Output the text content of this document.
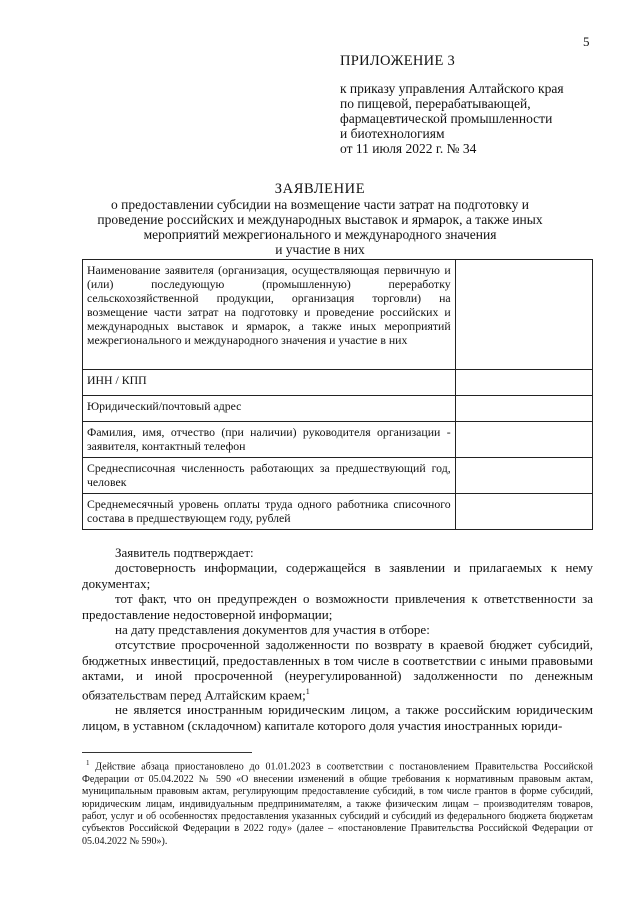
5
ПРИЛОЖЕНИЕ 3
к приказу управления Алтайского края
по пищевой, перерабатывающей,
фармацевтической промышленности
и биотехнологиям
от 11 июля 2022 г. № 34
ЗАЯВЛЕНИЕ
о предоставлении субсидии на возмещение части затрат на подготовку и
проведение российских и международных выставок и ярмарок, а также иных
мероприятий межрегионального и международного значения
и участие в них
Наименование заявителя (организация, осуществляющая первичную и (или) последующую (промышленную) переработку сельскохозяйственной продукции, организация торговли) на возмещение части затрат на подготовку и проведение российских и международных выставок и ярмарок, а также иных мероприятий межрегионального и международного значения и участие в них	
ИНН / КПП	
Юридический/почтовый адрес	
Фамилия, имя, отчество (при наличии) руководителя организации - заявителя, контактный телефон	
Среднесписочная численность работающих за предшествующий год, человек	
Среднемесячный уровень оплаты труда одного работника списочного состава в предшествующем году, рублей	

Заявитель подтверждает:

достоверность информации, содержащейся в заявлении и прилагаемых к нему документах;

тот факт, что он предупрежден о возможности привлечения к ответственности за предоставление недостоверной информации;

на дату представления документов для участия в отборе:

отсутствие просроченной задолженности по возврату в краевой бюджет субсидий, бюджетных инвестиций, предоставленных в том числе в соответствии с иными правовыми актами, и иной просроченной (неурегулированной) задолженности по денежным обязательствам перед Алтайским краем;$^1$

не является иностранным юридическим лицом, а также российским юридическим лицом, в уставном (складочном) капитале которого доля участия иностранных юриди-

$^1$ Действие абзаца приостановлено до 01.01.2023 в соответствии с постановлением Правительства Российской Федерации от 05.04.2022 № 590 «О внесении изменений в общие требования к нормативным правовым актам, муниципальным правовым актам, регулирующим предоставление субсидий, в том числе грантов в форме субсидий, юридическим лицам, индивидуальным предпринимателям, а также физическим лицам – производителям товаров, работ, услуг и об особенностях предоставления указанных субсидий и субсидий из федерального бюджета бюджетам субъектов Российской Федерации в 2022 году» (далее – «постановление Правительства Российской Федерации от 05.04.2022 № 590»).
